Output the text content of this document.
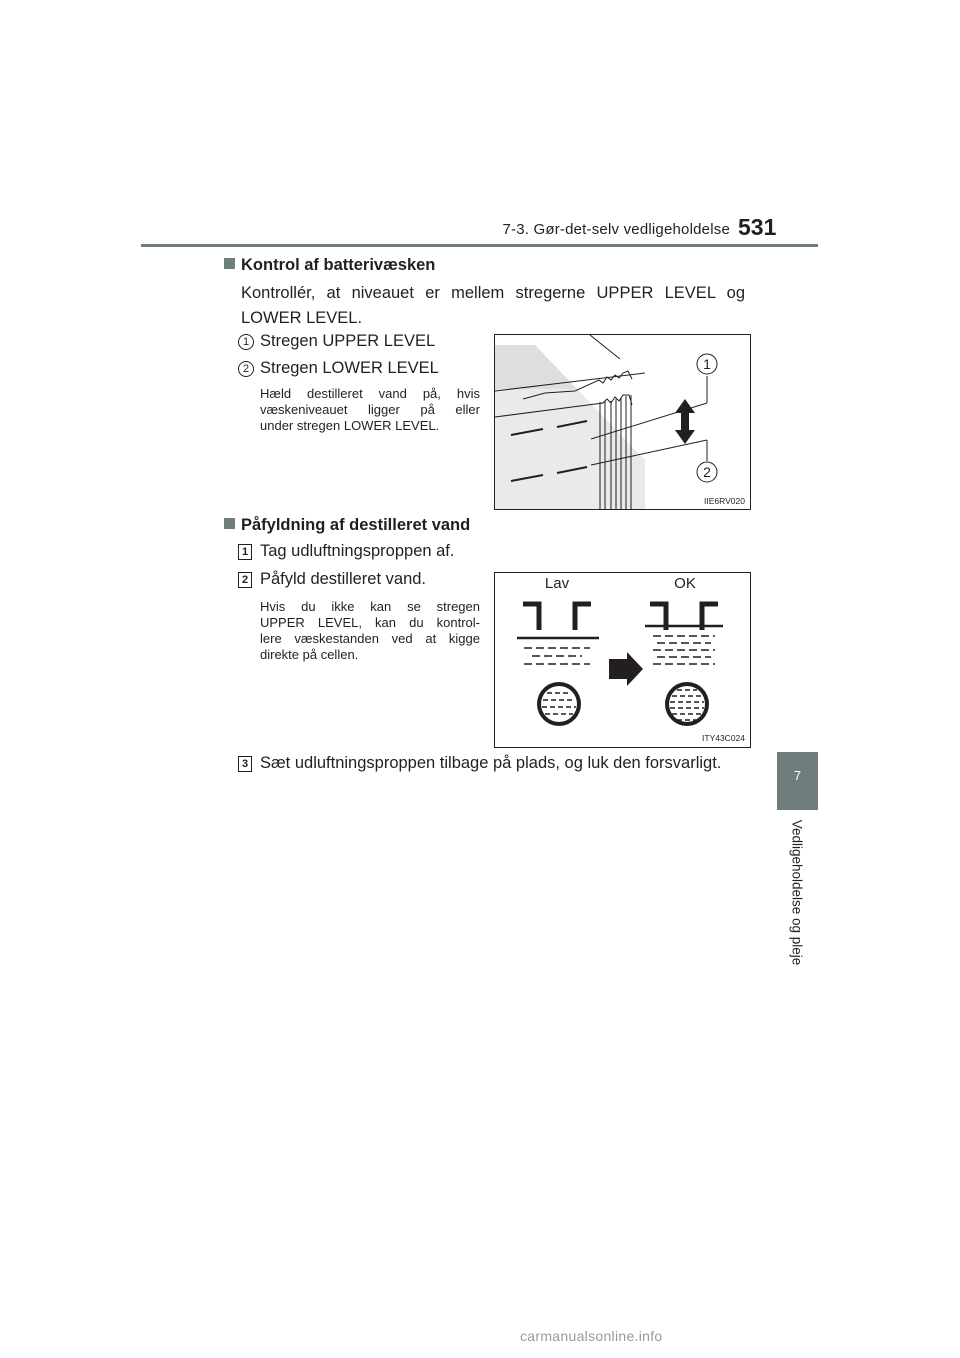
7-3. Gør-det-selv vedligeholdelse 531
7
Vedligeholdelse og pleje
Kontrol af batterivæsken
Kontrollér, at niveauet er mellem stregerne UPPER LEVEL og
LOWER LEVEL.
1 Stregen UPPER LEVEL
2 Stregen LOWER LEVEL
Hæld destilleret vand på, hvis
væskeniveauet ligger på eller
under stregen LOWER LEVEL.
1
2
IIE6RV020
Påfyldning af destilleret vand
1 Tag udluftningsproppen af.
2 Påfyld destilleret vand.
Hvis du ikke kan se stregen
UPPER LEVEL, kan du kontrol-
lere væskestanden ved at kigge
direkte på cellen.
Lav	OK
ITY43C024
3 Sæt udluftningsproppen tilbage på plads, og luk den forsvarligt.
carmanualsonline.info
